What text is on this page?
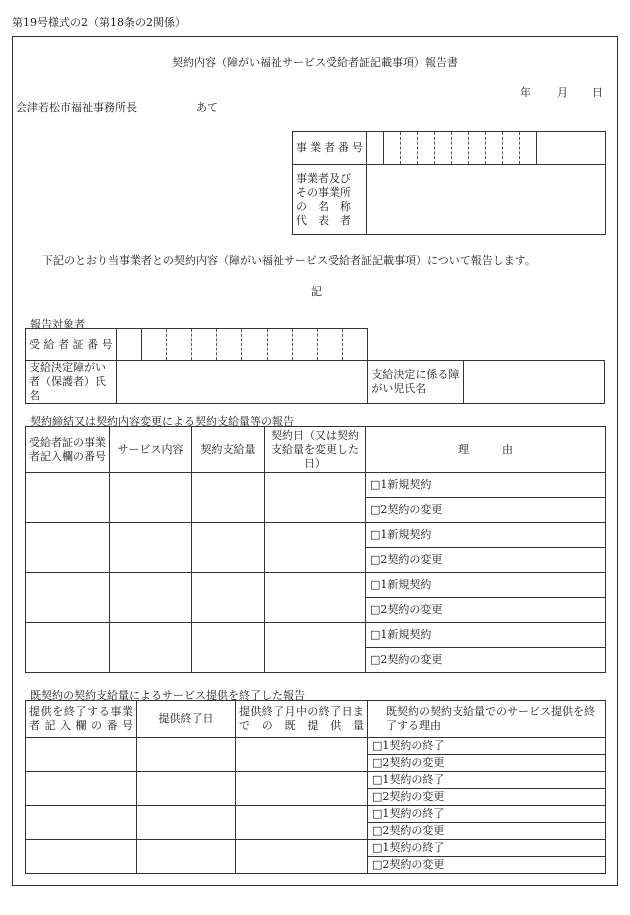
第19号様式の2（第18条の2関係）
契約内容（障がい福祉サービス受給者証記載事項）報告書
年 月 日
会津若松市福祉事務所長	あて
事業者番号											

事業者及び
その事業所
の　名　称
代　表　者											

下記のとおり当事業者との契約内容（障がい福祉サービス受給者証記載事項）について報告します。
記
報告対象者
受給者証番号												
支給決定障がい者（保護者）氏名											支給決定に係る障がい児氏名	
契約締結又は契約内容変更による契約支給量等の報告
受給者証の事業者記入欄の番号	サービス内容	契約支給量	契約日（又は契約支給量を変更した日）	理　　　由
				□1新規契約
				□2契約の変更
				□1新規契約
				□2契約の変更
				□1新規契約
				□2契約の変更
				□1新規契約
				□2契約の変更
既契約の契約支給量によるサービス提供を終了した報告
提供を終了する事業者記入欄の番号	提供終了日	提供終了月中の終了日までの既提供量	既契約の契約支給量でのサービス提供を終了する理由
			□1契約の終了
			□2契約の変更
			□1契約の終了
			□2契約の変更
			□1契約の終了
			□2契約の変更
			□1契約の終了
			□2契約の変更
